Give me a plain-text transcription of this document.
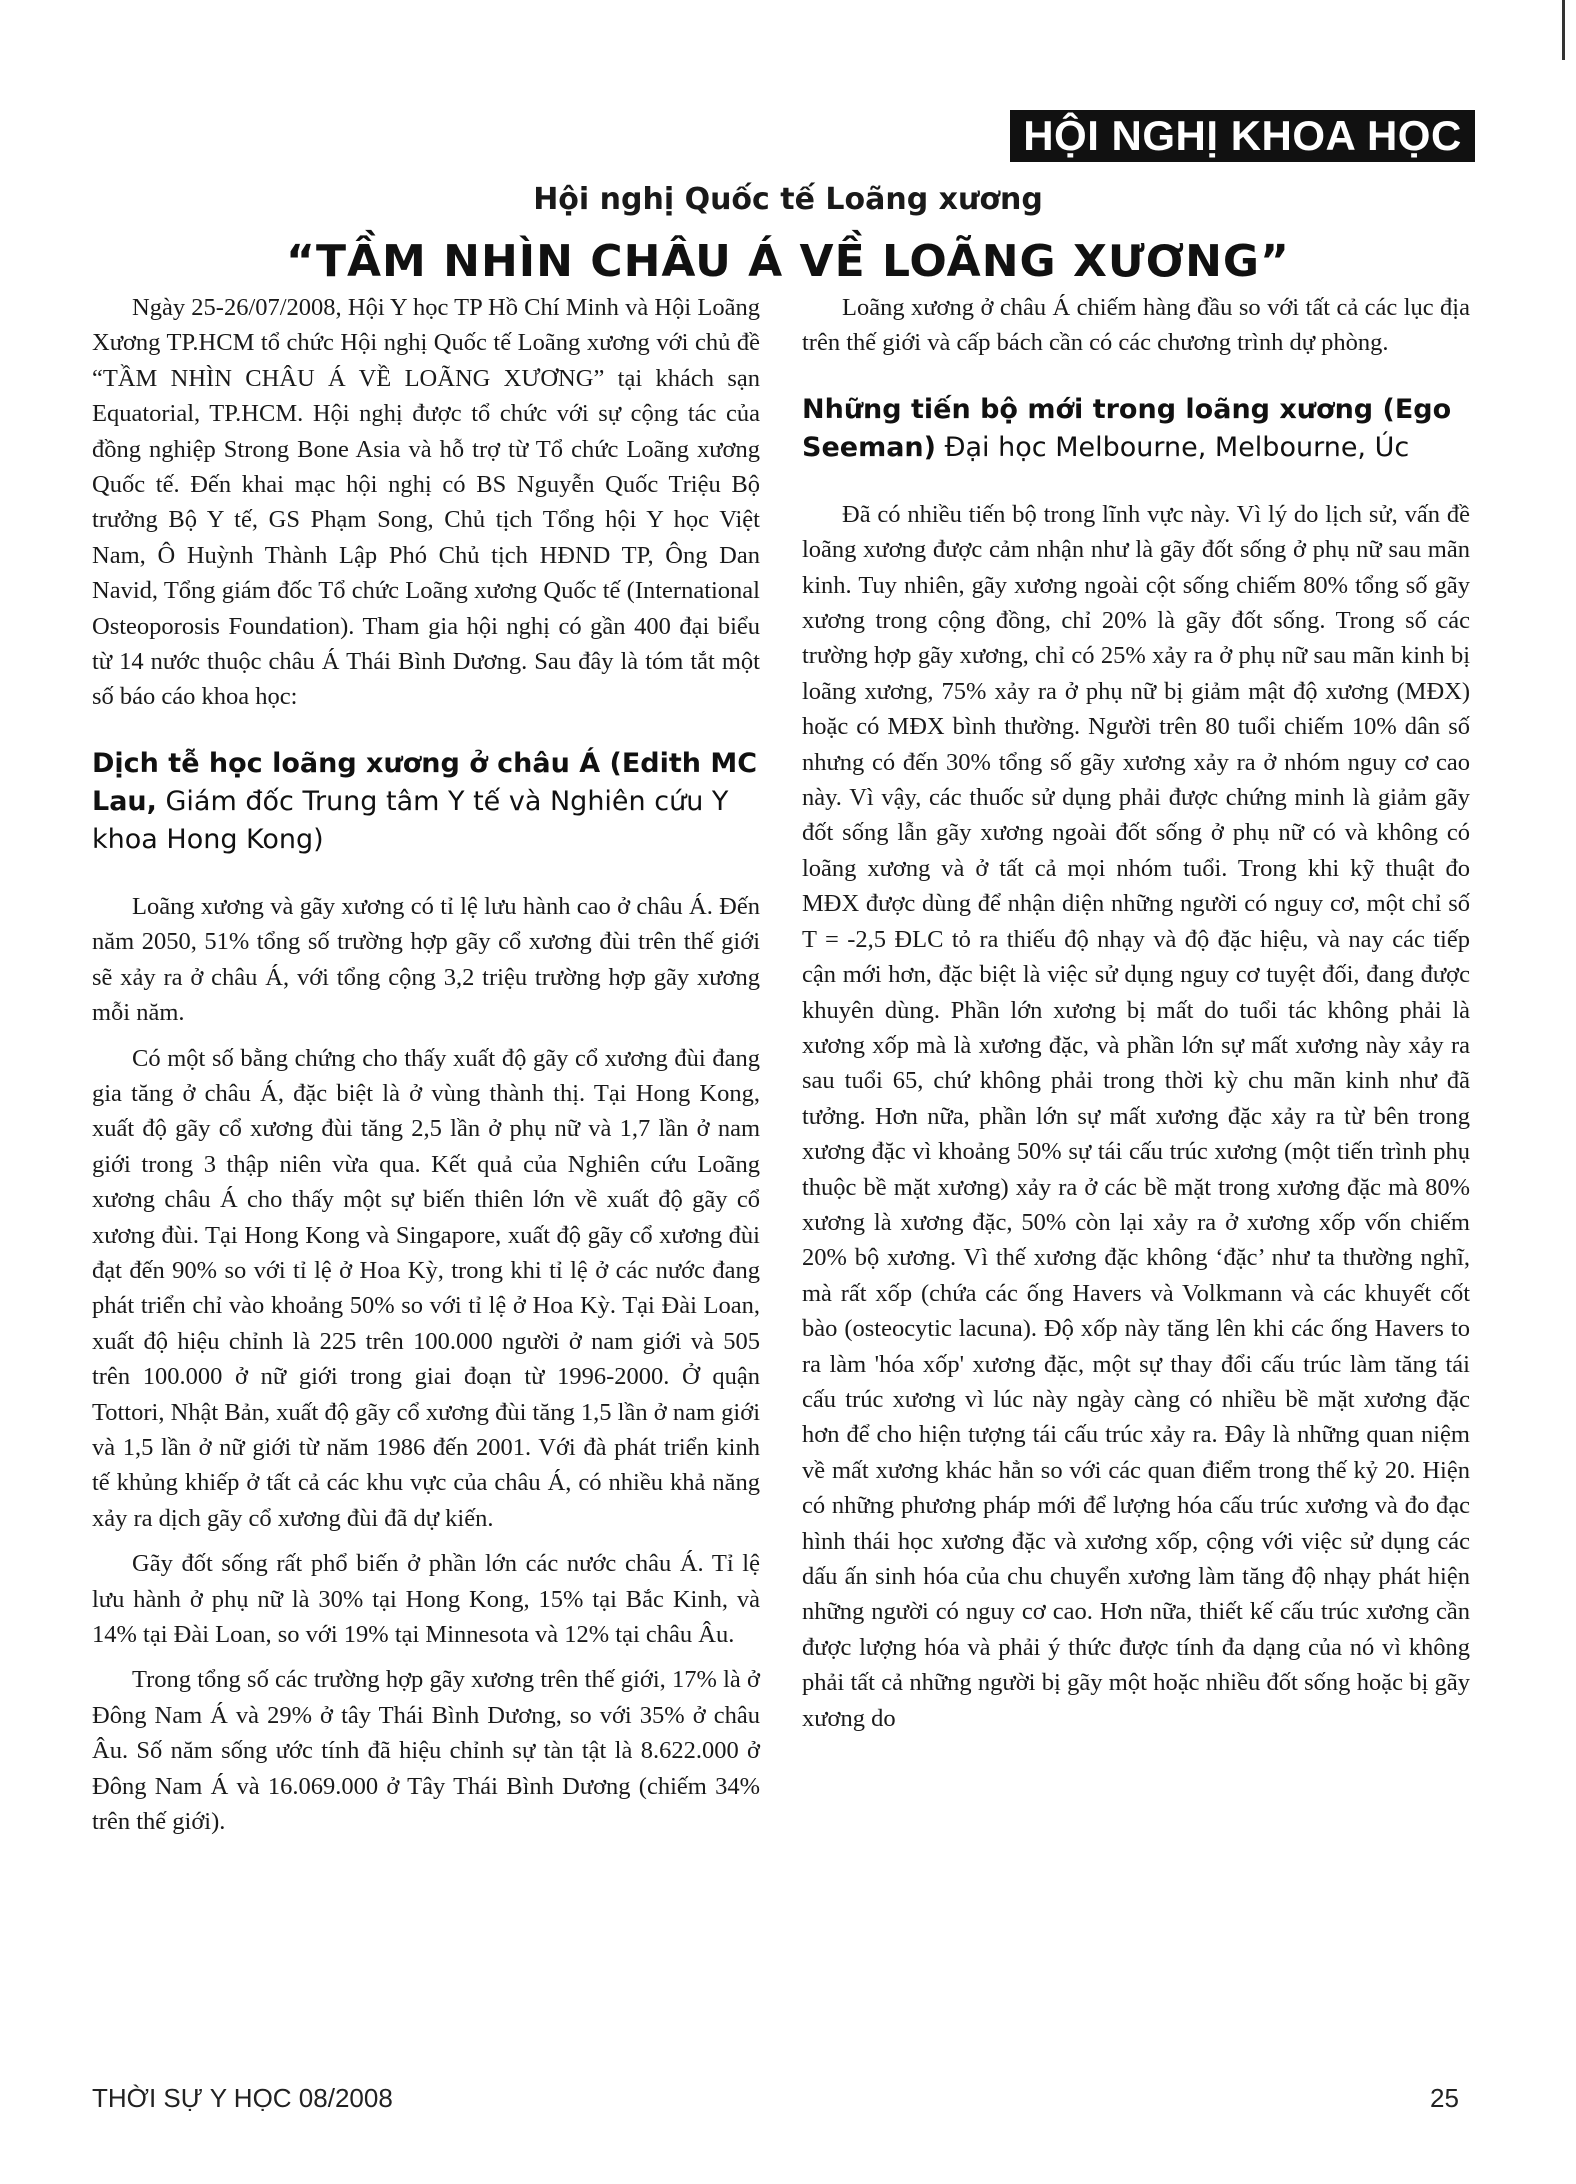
HỘI NGHỊ KHOA HỌC
Hội nghị Quốc tế Loãng xương
“TẦM NHÌN CHÂU Á VỀ LOÃNG XƯƠNG”

Ngày 25-26/07/2008, Hội Y học TP Hồ Chí Minh và Hội Loãng Xương TP.HCM tổ chức Hội nghị Quốc tế Loãng xương với chủ đề “TẦM NHÌN CHÂU Á VỀ LOÃNG XƯƠNG” tại khách sạn Equatorial, TP.HCM. Hội nghị được tổ chức với sự cộng tác của đồng nghiệp Strong Bone Asia và hỗ trợ từ Tổ chức Loãng xương Quốc tế. Đến khai mạc hội nghị có BS Nguyễn Quốc Triệu Bộ trưởng Bộ Y tế, GS Phạm Song, Chủ tịch Tổng hội Y học Việt Nam, Ô Huỳnh Thành Lập Phó Chủ tịch HĐND TP, Ông Dan Navid, Tổng giám đốc Tổ chức Loãng xương Quốc tế (International Osteoporosis Foundation). Tham gia hội nghị có gần 400 đại biểu từ 14 nước thuộc châu Á Thái Bình Dương. Sau đây là tóm tắt một số báo cáo khoa học:

Dịch tễ học loãng xương ở châu Á (Edith MC Lau, Giám đốc Trung tâm Y tế và Nghiên cứu Y khoa Hong Kong)

Loãng xương và gãy xương có tỉ lệ lưu hành cao ở châu Á. Đến năm 2050, 51% tổng số trường hợp gãy cổ xương đùi trên thế giới sẽ xảy ra ở châu Á, với tổng cộng 3,2 triệu trường hợp gãy xương mỗi năm.

Có một số bằng chứng cho thấy xuất độ gãy cổ xương đùi đang gia tăng ở châu Á, đặc biệt là ở vùng thành thị. Tại Hong Kong, xuất độ gãy cổ xương đùi tăng 2,5 lần ở phụ nữ và 1,7 lần ở nam giới trong 3 thập niên vừa qua. Kết quả của Nghiên cứu Loãng xương châu Á cho thấy một sự biến thiên lớn về xuất độ gãy cổ xương đùi. Tại Hong Kong và Singapore, xuất độ gãy cổ xương đùi đạt đến 90% so với tỉ lệ ở Hoa Kỳ, trong khi tỉ lệ ở các nước đang phát triển chỉ vào khoảng 50% so với tỉ lệ ở Hoa Kỳ. Tại Đài Loan, xuất độ hiệu chỉnh là 225 trên 100.000 người ở nam giới và 505 trên 100.000 ở nữ giới trong giai đoạn từ 1996-2000. Ở quận Tottori, Nhật Bản, xuất độ gãy cổ xương đùi tăng 1,5 lần ở nam giới và 1,5 lần ở nữ giới từ năm 1986 đến 2001. Với đà phát triển kinh tế khủng khiếp ở tất cả các khu vực của châu Á, có nhiều khả năng xảy ra dịch gãy cổ xương đùi đã dự kiến.

Gãy đốt sống rất phổ biến ở phần lớn các nước châu Á. Tỉ lệ lưu hành ở phụ nữ là 30% tại Hong Kong, 15% tại Bắc Kinh, và 14% tại Đài Loan, so với 19% tại Minnesota và 12% tại châu Âu.

Trong tổng số các trường hợp gãy xương trên thế giới, 17% là ở Đông Nam Á và 29% ở tây Thái Bình Dương, so với 35% ở châu Âu. Số năm sống ước tính đã hiệu chỉnh sự tàn tật là 8.622.000 ở Đông Nam Á và 16.069.000 ở Tây Thái Bình Dương (chiếm 34% trên thế giới).

Loãng xương ở châu Á chiếm hàng đầu so với tất cả các lục địa trên thế giới và cấp bách cần có các chương trình dự phòng.

Những tiến bộ mới trong loãng xương (Ego Seeman) Đại học Melbourne, Melbourne, Úc

Đã có nhiều tiến bộ trong lĩnh vực này. Vì lý do lịch sử, vấn đề loãng xương được cảm nhận như là gãy đốt sống ở phụ nữ sau mãn kinh. Tuy nhiên, gãy xương ngoài cột sống chiếm 80% tổng số gãy xương trong cộng đồng, chỉ 20% là gãy đốt sống. Trong số các trường hợp gãy xương, chỉ có 25% xảy ra ở phụ nữ sau mãn kinh bị loãng xương, 75% xảy ra ở phụ nữ bị giảm mật độ xương (MĐX) hoặc có MĐX bình thường. Người trên 80 tuổi chiếm 10% dân số nhưng có đến 30% tổng số gãy xương xảy ra ở nhóm nguy cơ cao này. Vì vậy, các thuốc sử dụng phải được chứng minh là giảm gãy đốt sống lẫn gãy xương ngoài đốt sống ở phụ nữ có và không có loãng xương và ở tất cả mọi nhóm tuổi. Trong khi kỹ thuật đo MĐX được dùng để nhận diện những người có nguy cơ, một chỉ số T = -2,5 ĐLC tỏ ra thiếu độ nhạy và độ đặc hiệu, và nay các tiếp cận mới hơn, đặc biệt là việc sử dụng nguy cơ tuyệt đối, đang được khuyên dùng. Phần lớn xương bị mất do tuổi tác không phải là xương xốp mà là xương đặc, và phần lớn sự mất xương này xảy ra sau tuổi 65, chứ không phải trong thời kỳ chu mãn kinh như đã tưởng. Hơn nữa, phần lớn sự mất xương đặc xảy ra từ bên trong xương đặc vì khoảng 50% sự tái cấu trúc xương (một tiến trình phụ thuộc bề mặt xương) xảy ra ở các bề mặt trong xương đặc mà 80% xương là xương đặc, 50% còn lại xảy ra ở xương xốp vốn chiếm 20% bộ xương. Vì thế xương đặc không ‘đặc’ như ta thường nghĩ, mà rất xốp (chứa các ống Havers và Volkmann và các khuyết cốt bào (osteocytic lacuna). Độ xốp này tăng lên khi các ống Havers to ra làm 'hóa xốp' xương đặc, một sự thay đổi cấu trúc làm tăng tái cấu trúc xương vì lúc này ngày càng có nhiều bề mặt xương đặc hơn để cho hiện tượng tái cấu trúc xảy ra. Đây là những quan niệm về mất xương khác hẳn so với các quan điểm trong thế kỷ 20. Hiện có những phương pháp mới để lượng hóa cấu trúc xương và đo đạc hình thái học xương đặc và xương xốp, cộng với việc sử dụng các dấu ấn sinh hóa của chu chuyển xương làm tăng độ nhạy phát hiện những người có nguy cơ cao. Hơn nữa, thiết kế cấu trúc xương cần được lượng hóa và phải ý thức được tính đa dạng của nó vì không phải tất cả những người bị gãy một hoặc nhiều đốt sống hoặc bị gãy xương do

THỜI SỰ Y HỌC 08/2008	25
